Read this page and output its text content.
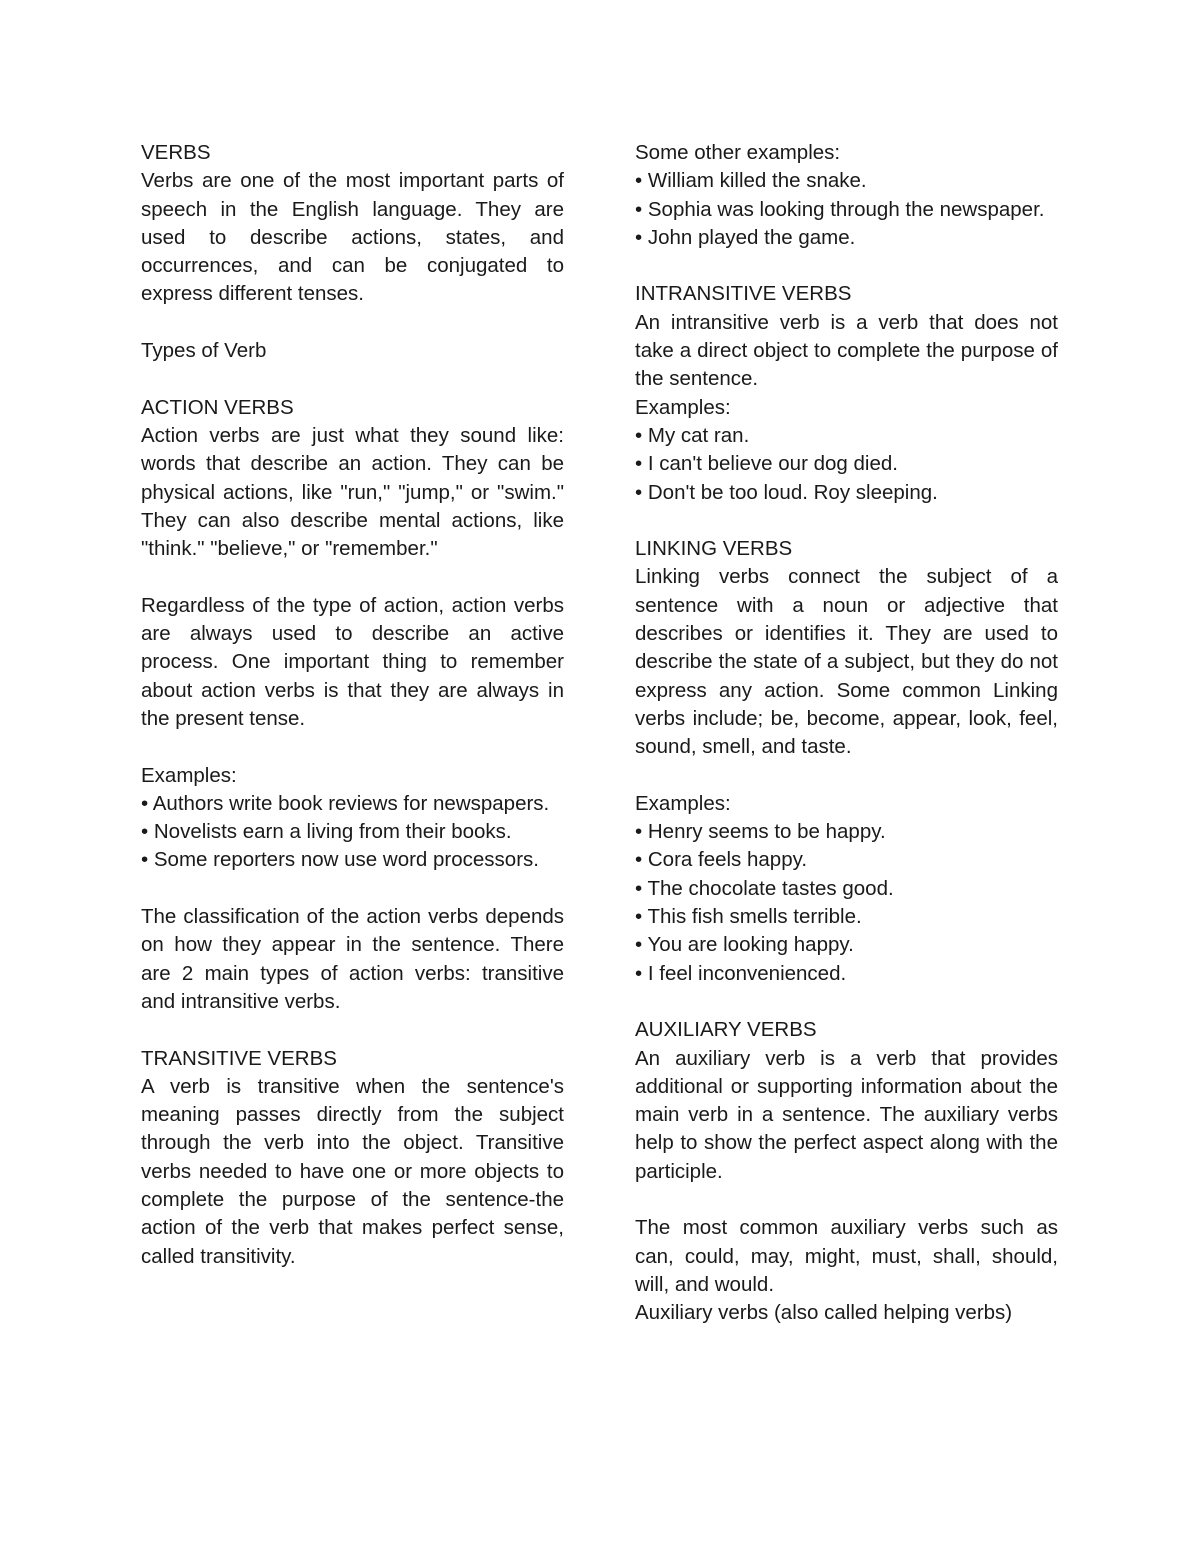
VERBS

Verbs are one of the most important parts of speech in the English language. They are used to describe actions, states, and occurrences, and can be conjugated to express different tenses.

Types of Verb

ACTION VERBS

Action verbs are just what they sound like: words that describe an action. They can be physical actions, like "run," "jump," or "swim." They can also describe mental actions, like "think." "believe," or "remember."

Regardless of the type of action, action verbs are always used to describe an active process. One important thing to remember about action verbs is that they are always in the present tense.

Examples:

• Authors write book reviews for newspapers.

• Novelists earn a living from their books.

• Some reporters now use word processors.

The classification of the action verbs depends on how they appear in the sentence. There are 2 main types of action verbs: transitive and intransitive verbs.

TRANSITIVE VERBS

A verb is transitive when the sentence's meaning passes directly from the subject through the verb into the object. Transitive verbs needed to have one or more objects to complete the purpose of the sentence-the action of the verb that makes perfect sense, called transitivity.

Some other examples:

• William killed the snake.

• Sophia was looking through the newspaper.

• John played the game.

INTRANSITIVE VERBS

An intransitive verb is a verb that does not take a direct object to complete the purpose of the sentence.

Examples:

• My cat ran.

• I can't believe our dog died.

• Don't be too loud. Roy sleeping.

LINKING VERBS

Linking verbs connect the subject of a sentence with a noun or adjective that describes or identifies it. They are used to describe the state of a subject, but they do not express any action. Some common Linking verbs include; be, become, appear, look, feel, sound, smell, and taste.

Examples:

• Henry seems to be happy.

• Cora feels happy.

• The chocolate tastes good.

• This fish smells terrible.

• You are looking happy.

• I feel inconvenienced.

AUXILIARY VERBS

An auxiliary verb is a verb that provides additional or supporting information about the main verb in a sentence. The auxiliary verbs help to show the perfect aspect along with the participle.

The most common auxiliary verbs such as can, could, may, might, must, shall, should, will, and would.

Auxiliary verbs (also called helping verbs)
